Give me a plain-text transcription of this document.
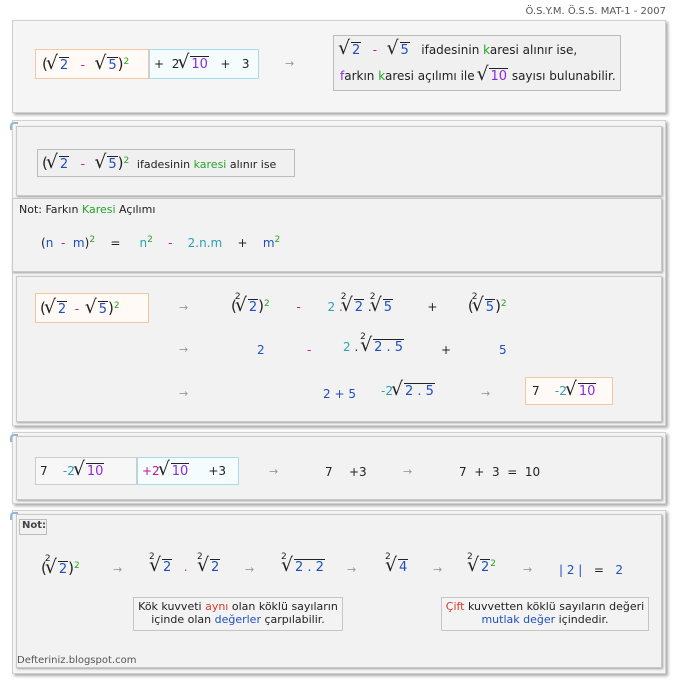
Ö.S.Y.M. Ö.S.S. MAT-1 - 2007
( √ 2 - √ 5)$^2$ + 2 √ 10 + 3	→
√ 2 - √ 5 ifadesinin karesi alınır ise,
farkın karesi açılımı ile √ 10 sayısı bulunabilir.
( √ 2 - √ 5)$^2$ ifadesinin karesi alınır ise
Not: Farkın Karesi Açılımı
$(n - m)^2 = n^2 - 2.n.m$    +    $m^2$
( √ 2 - √ 5)$^2$	→	(
√ 2
2)$^2$ - 2 .
√ 2
2 .
√ 2
5	+ (
√ 2
5)$^2$
→	2	-	2 .
√ 2
2 . 5	+	5
→	2 + 5 -2 √ 2 . 5	→	7 -2 √ 10
7 -2 √ 10	+2 √ 10 +3	→	7 +3	→	7  +  3  =  10
Not:
(
√ 2
2)$^2$	→
√ 2
2 .
√ 2
2 →
√ 2
2 . 2 →
√ 2
4 →
√ 2
$2^2$ → | 2 | = 2
Kök kuvveti aynı olan köklü sayıların
içinde olan değerler çarpılabilir.
Çift kuvvetten köklü sayıların değeri
mutlak değer içindedir.
Defteriniz.blogspot.com
